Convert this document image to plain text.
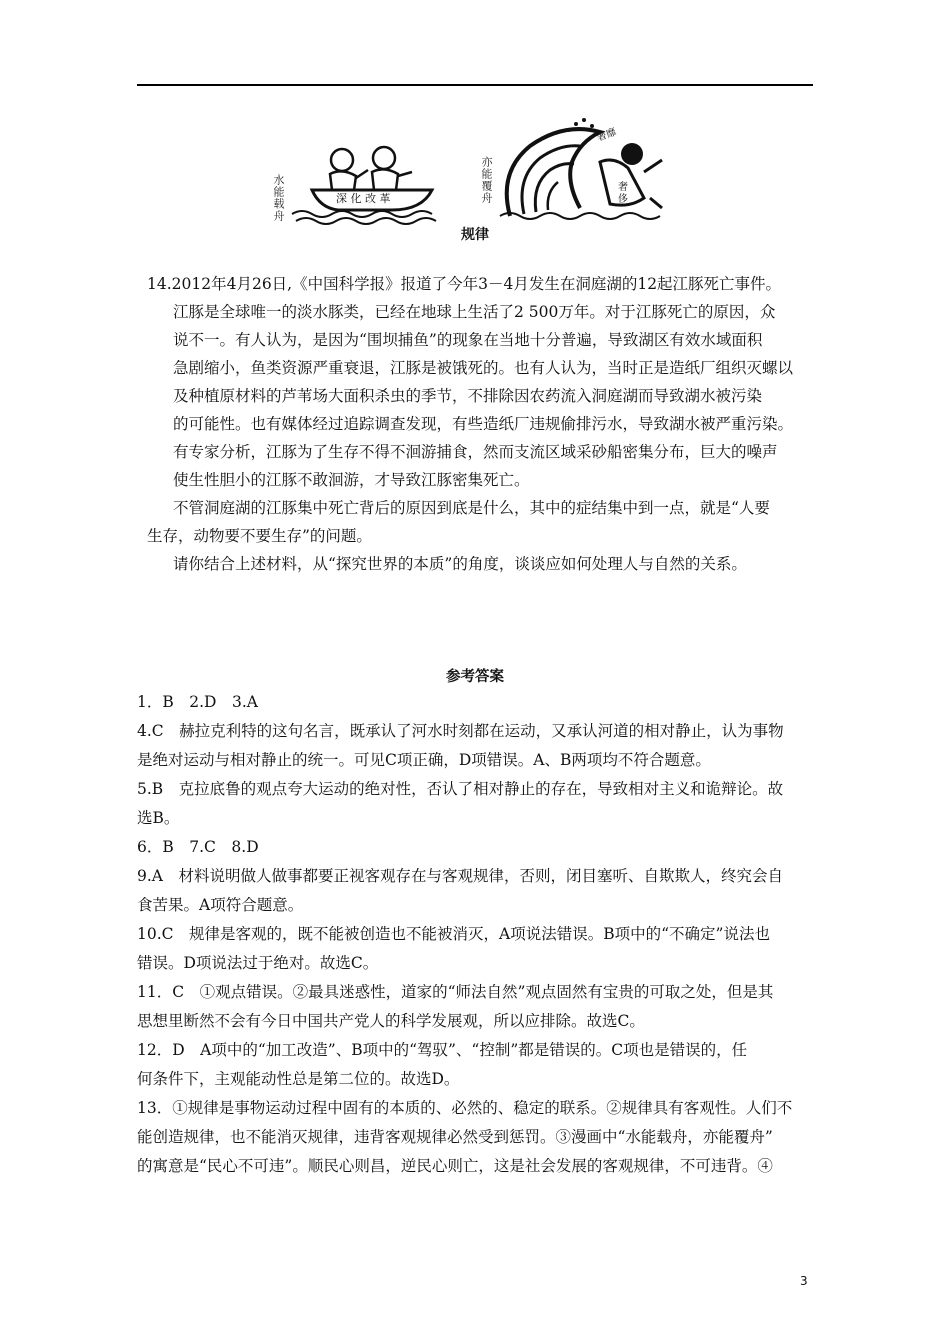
水能载舟	深 化 改 革	亦能覆舟
奢靡
奢侈
规律
14.2012年4月26日,《中国科学报》报道了今年3－4月发生在洞庭湖的12起江豚死亡事件。
江豚是全球唯一的淡水豚类，已经在地球上生活了2 500万年。对于江豚死亡的原因，众
说不一。有人认为，是因为“围坝捕鱼”的现象在当地十分普遍，导致湖区有效水域面积
急剧缩小，鱼类资源严重衰退，江豚是被饿死的。也有人认为，当时正是造纸厂组织灭螺以
及种植原材料的芦苇场大面积杀虫的季节，不排除因农药流入洞庭湖而导致湖水被污染
的可能性。也有媒体经过追踪调查发现，有些造纸厂违规偷排污水，导致湖水被严重污染。
有专家分析，江豚为了生存不得不洄游捕食，然而支流区域采砂船密集分布，巨大的噪声
使生性胆小的江豚不敢洄游，才导致江豚密集死亡。
不管洞庭湖的江豚集中死亡背后的原因到底是什么，其中的症结集中到一点，就是“人要
生存，动物要不要生存”的问题。
请你结合上述材料，从“探究世界的本质”的角度，谈谈应如何处理人与自然的关系。
参考答案
1．B　2.D　3.A
4.C　赫拉克利特的这句名言，既承认了河水时刻都在运动，又承认河道的相对静止，认为事物
是绝对运动与相对静止的统一。可见C项正确，D项错误。A、B两项均不符合题意。
5.B　克拉底鲁的观点夸大运动的绝对性，否认了相对静止的存在，导致相对主义和诡辩论。故
选B。
6．B　7.C　8.D
9.A　材料说明做人做事都要正视客观存在与客观规律，否则，闭目塞听、自欺欺人，终究会自
食苦果。A项符合题意。
10.C　规律是客观的，既不能被创造也不能被消灭，A项说法错误。B项中的“不确定”说法也
错误。D项说法过于绝对。故选C。
11．C　①观点错误。②最具迷惑性，道家的“师法自然”观点固然有宝贵的可取之处，但是其
思想里断然不会有今日中国共产党人的科学发展观，所以应排除。故选C。
12．D　A项中的“加工改造”、B项中的“驾驭”、“控制”都是错误的。C项也是错误的，任
何条件下，主观能动性总是第二位的。故选D。
13．①规律是事物运动过程中固有的本质的、必然的、稳定的联系。②规律具有客观性。人们不
能创造规律，也不能消灭规律，违背客观规律必然受到惩罚。③漫画中“水能载舟，亦能覆舟”
的寓意是“民心不可违”。顺民心则昌，逆民心则亡，这是社会发展的客观规律，不可违背。④
3
